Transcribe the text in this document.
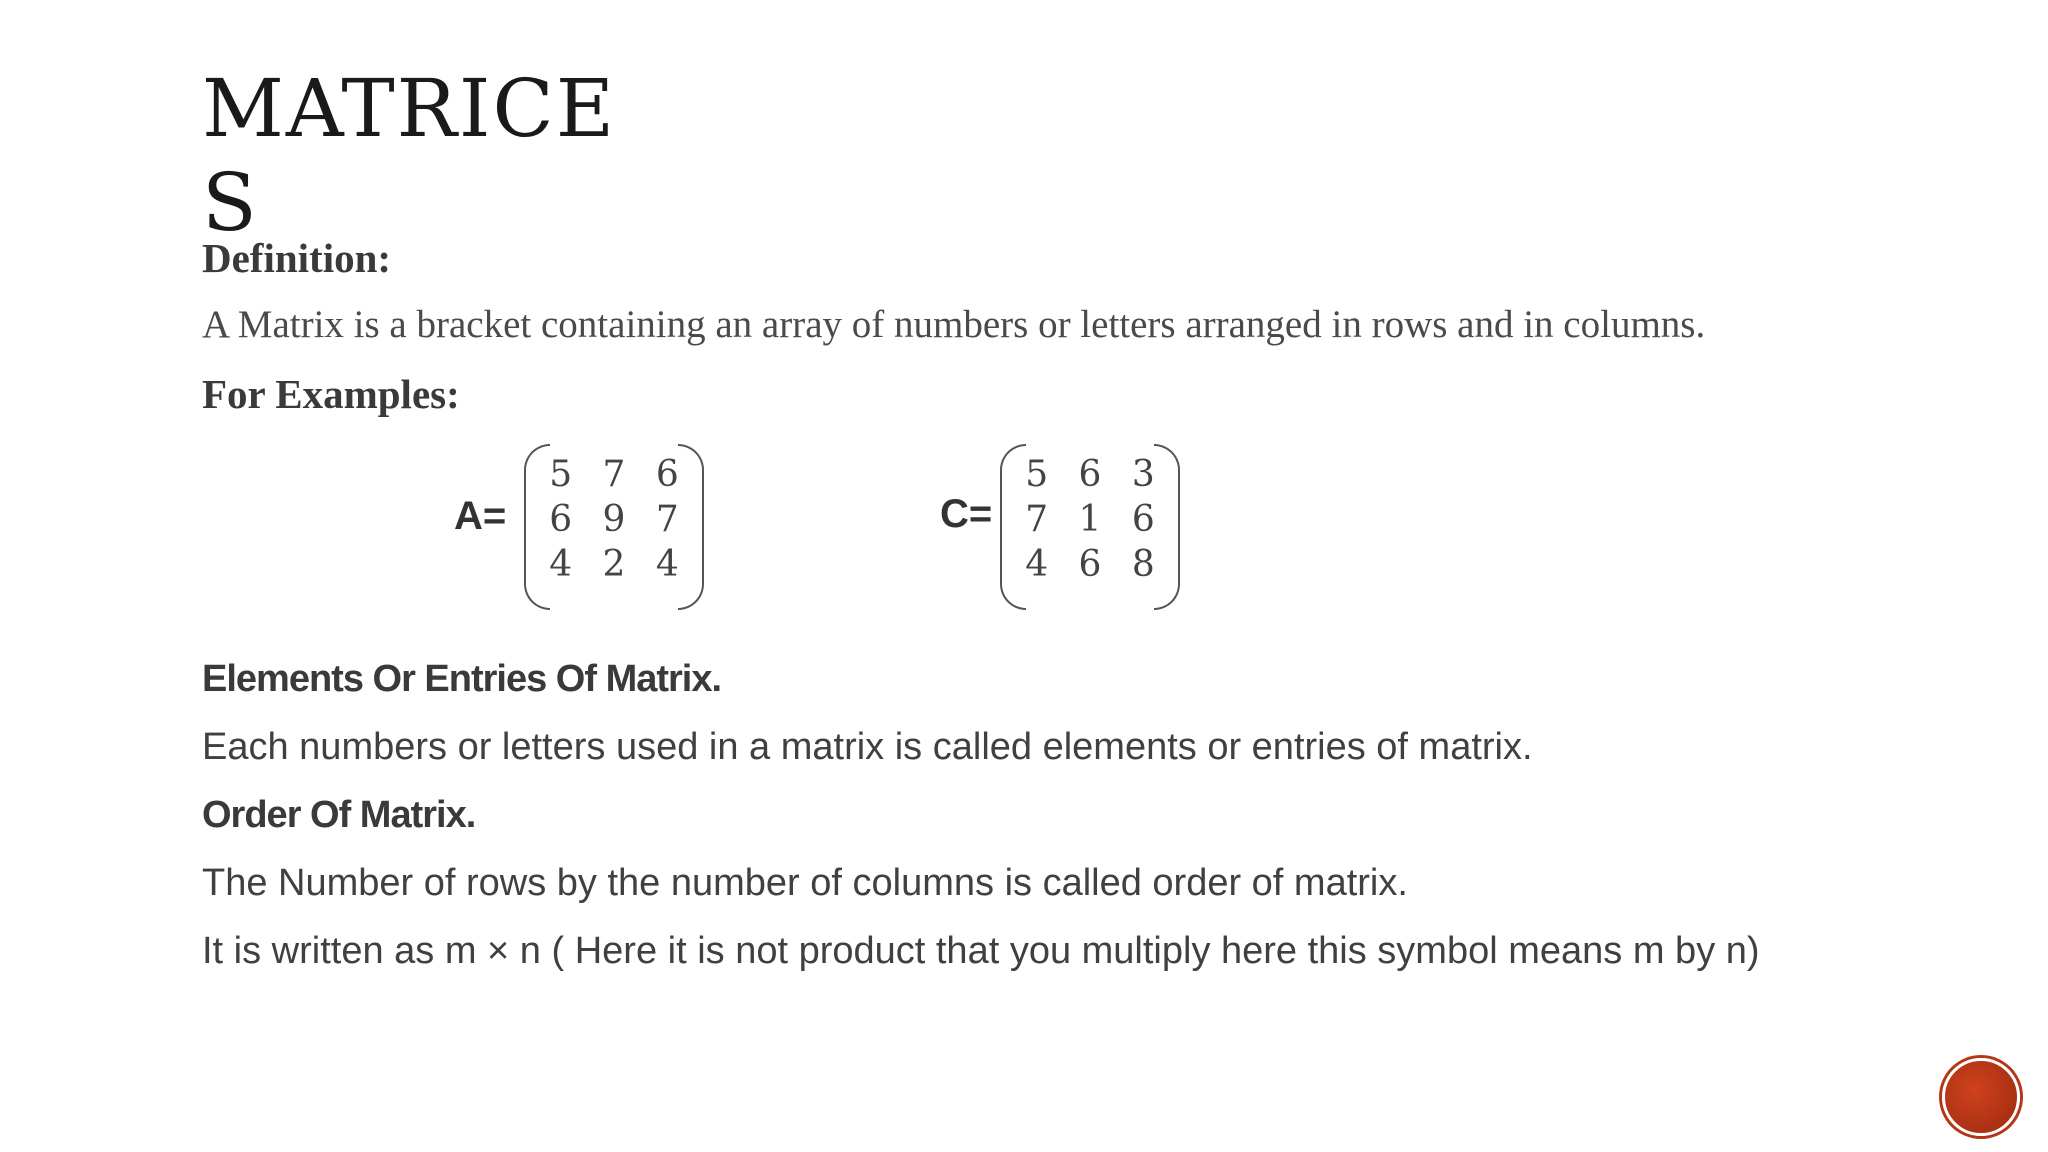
MATRICES

Definition:

A Matrix is a bracket containing an array of numbers or letters arranged in rows and in columns.

For Examples:

A=
5 7 6
6 9 7
4 2 4
C=
5 6 3
7 1 6
4 6 8

Elements Or Entries Of Matrix.

Each numbers or letters used in a matrix is called elements or entries of matrix.

Order Of Matrix.

The Number of rows by the number of columns is called order of matrix.

It is written as m × n ( Here it is not product that you multiply here this symbol means m by n)
